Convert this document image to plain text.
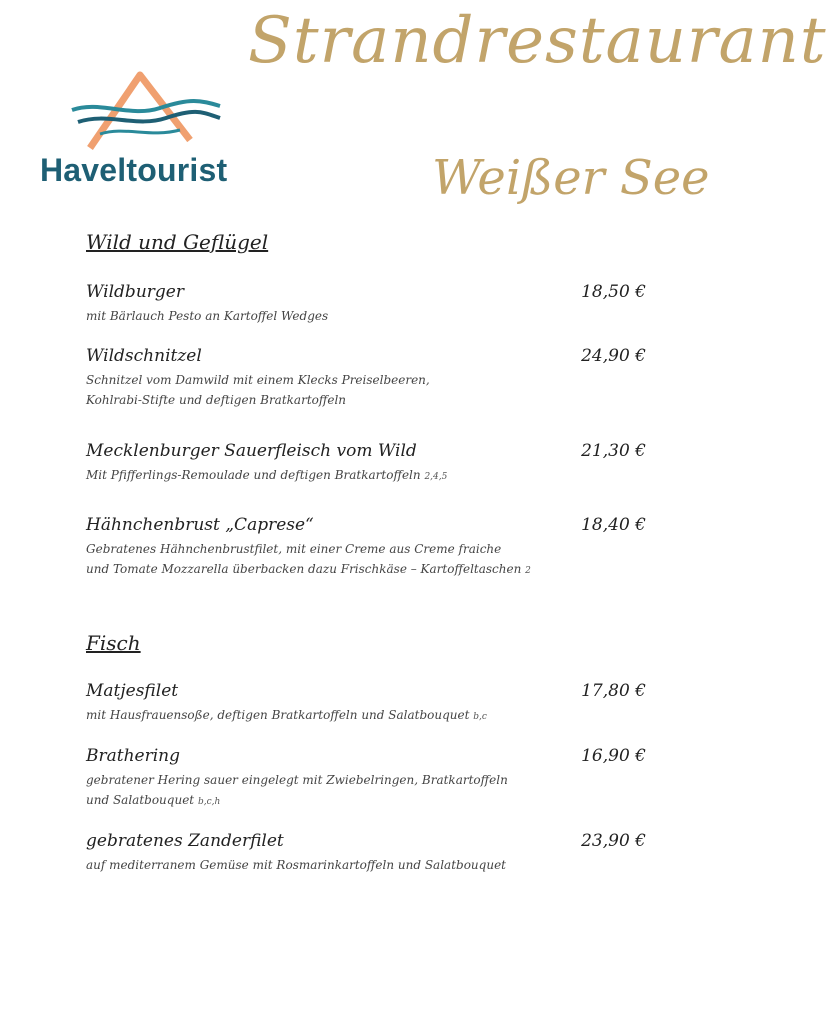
Haveltourist
Strandrestaurant
Weißer See
Wild und Geflügel
Wildburger	18,50 €
mit Bärlauch Pesto an Kartoffel Wedges
Wildschnitzel	24,90 €
Schnitzel vom Damwild mit einem Klecks Preiselbeeren,
Kohlrabi-Stifte und deftigen Bratkartoffeln
Mecklenburger Sauerfleisch vom Wild	21,30 €
Mit Pfifferlings-Remoulade und deftigen Bratkartoffeln 2,4,5
Hähnchenbrust „Caprese“	18,40 €
Gebratenes Hähnchenbrustfilet, mit einer Creme aus Creme fraiche
und Tomate Mozzarella überbacken dazu Frischkäse – Kartoffeltaschen 2
Fisch
Matjesfilet	17,80 €
mit Hausfrauensoße, deftigen Bratkartoffeln und Salatbouquet b,c
Brathering	16,90 €
gebratener Hering sauer eingelegt mit Zwiebelringen, Bratkartoffeln
und Salatbouquet b,c,h
gebratenes Zanderfilet	23,90 €
auf mediterranem Gemüse mit Rosmarinkartoffeln und Salatbouquet
